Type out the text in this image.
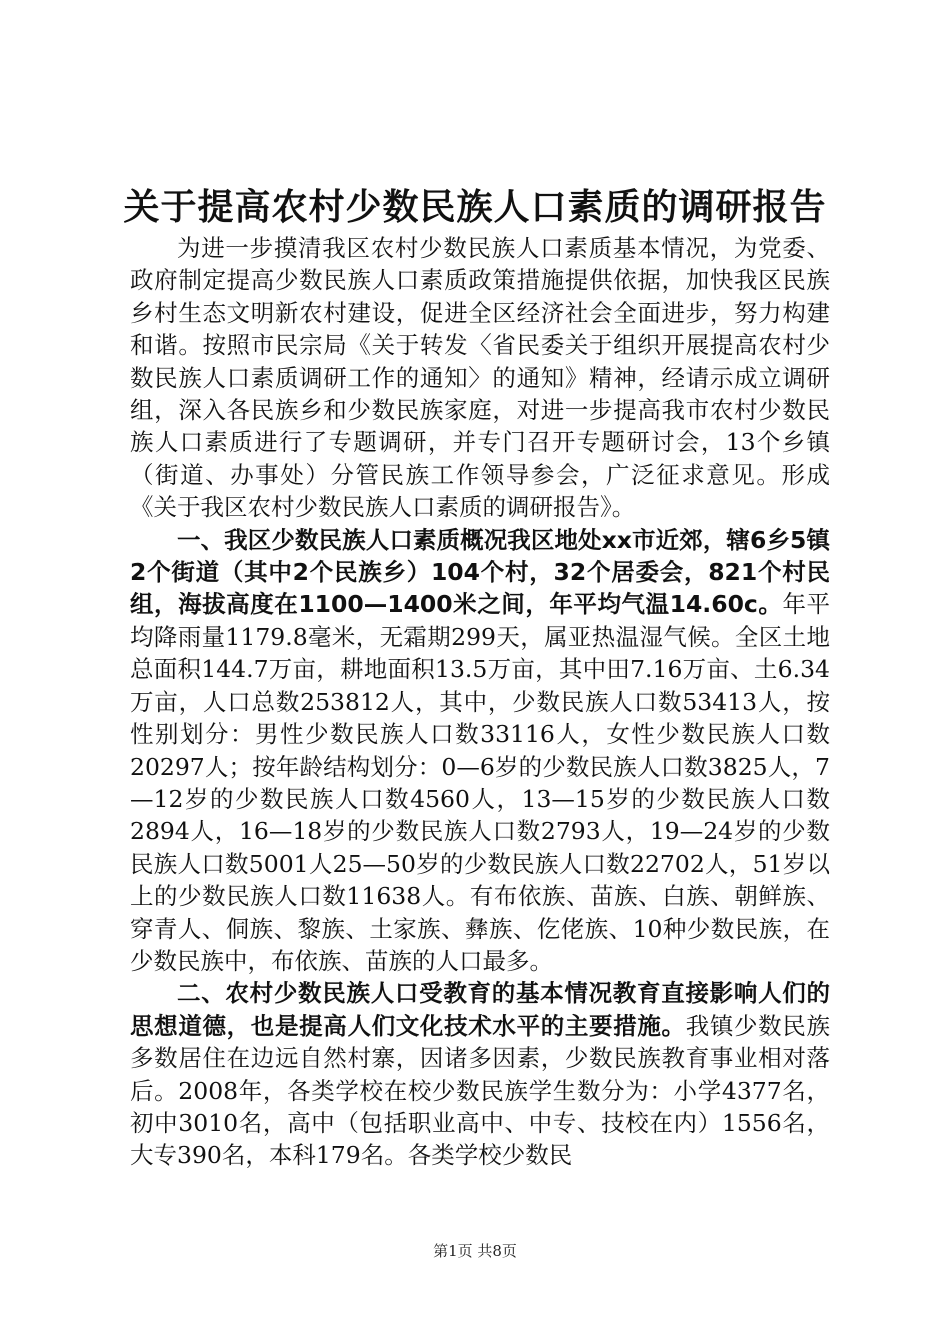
关于提高农村少数民族人口素质的调研报告

为进一步摸清我区农村少数民族人口素质基本情况，为党委、政府制定提高少数民族人口素质政策措施提供依据，加快我区民族乡村生态文明新农村建设，促进全区经济社会全面进步，努力构建和谐。按照市民宗局《关于转发〈省民委关于组织开展提高农村少数民族人口素质调研工作的通知〉的通知》精神，经请示成立调研组，深入各民族乡和少数民族家庭，对进一步提高我市农村少数民族人口素质进行了专题调研，并专门召开专题研讨会，13个乡镇（街道、办事处）分管民族工作领导参会，广泛征求意见。形成《关于我区农村少数民族人口素质的调研报告》。

一、我区少数民族人口素质概况我区地处xx市近郊，辖6乡5镇2个街道（其中2个民族乡）104个村，32个居委会，821个村民组，海拔高度在1100—1400米之间，年平均气温14.60c。年平均降雨量1179.8毫米，无霜期299天，属亚热温湿气候。全区土地总面积144.7万亩，耕地面积13.5万亩，其中田7.16万亩、土6.34万亩，人口总数253812人，其中，少数民族人口数53413人，按性别划分：男性少数民族人口数33116人，女性少数民族人口数20297人；按年龄结构划分：0—6岁的少数民族人口数3825人，7—12岁的少数民族人口数4560人，13—15岁的少数民族人口数2894人，16—18岁的少数民族人口数2793人，19—24岁的少数民族人口数5001人25—50岁的少数民族人口数22702人，51岁以上的少数民族人口数11638人。有布依族、苗族、白族、朝鲜族、穿青人、侗族、黎族、土家族、彝族、仡佬族、10种少数民族，在少数民族中，布依族、苗族的人口最多。

二、农村少数民族人口受教育的基本情况教育直接影响人们的思想道德，也是提高人们文化技术水平的主要措施。我镇少数民族多数居住在边远自然村寨，因诸多因素，少数民族教育事业相对落后。2008年，各类学校在校少数民族学生数分为：小学4377名，初中3010名，高中（包括职业高中、中专、技校在内）1556名，大专390名，本科179名。各类学校少数民

第1页 共8页
